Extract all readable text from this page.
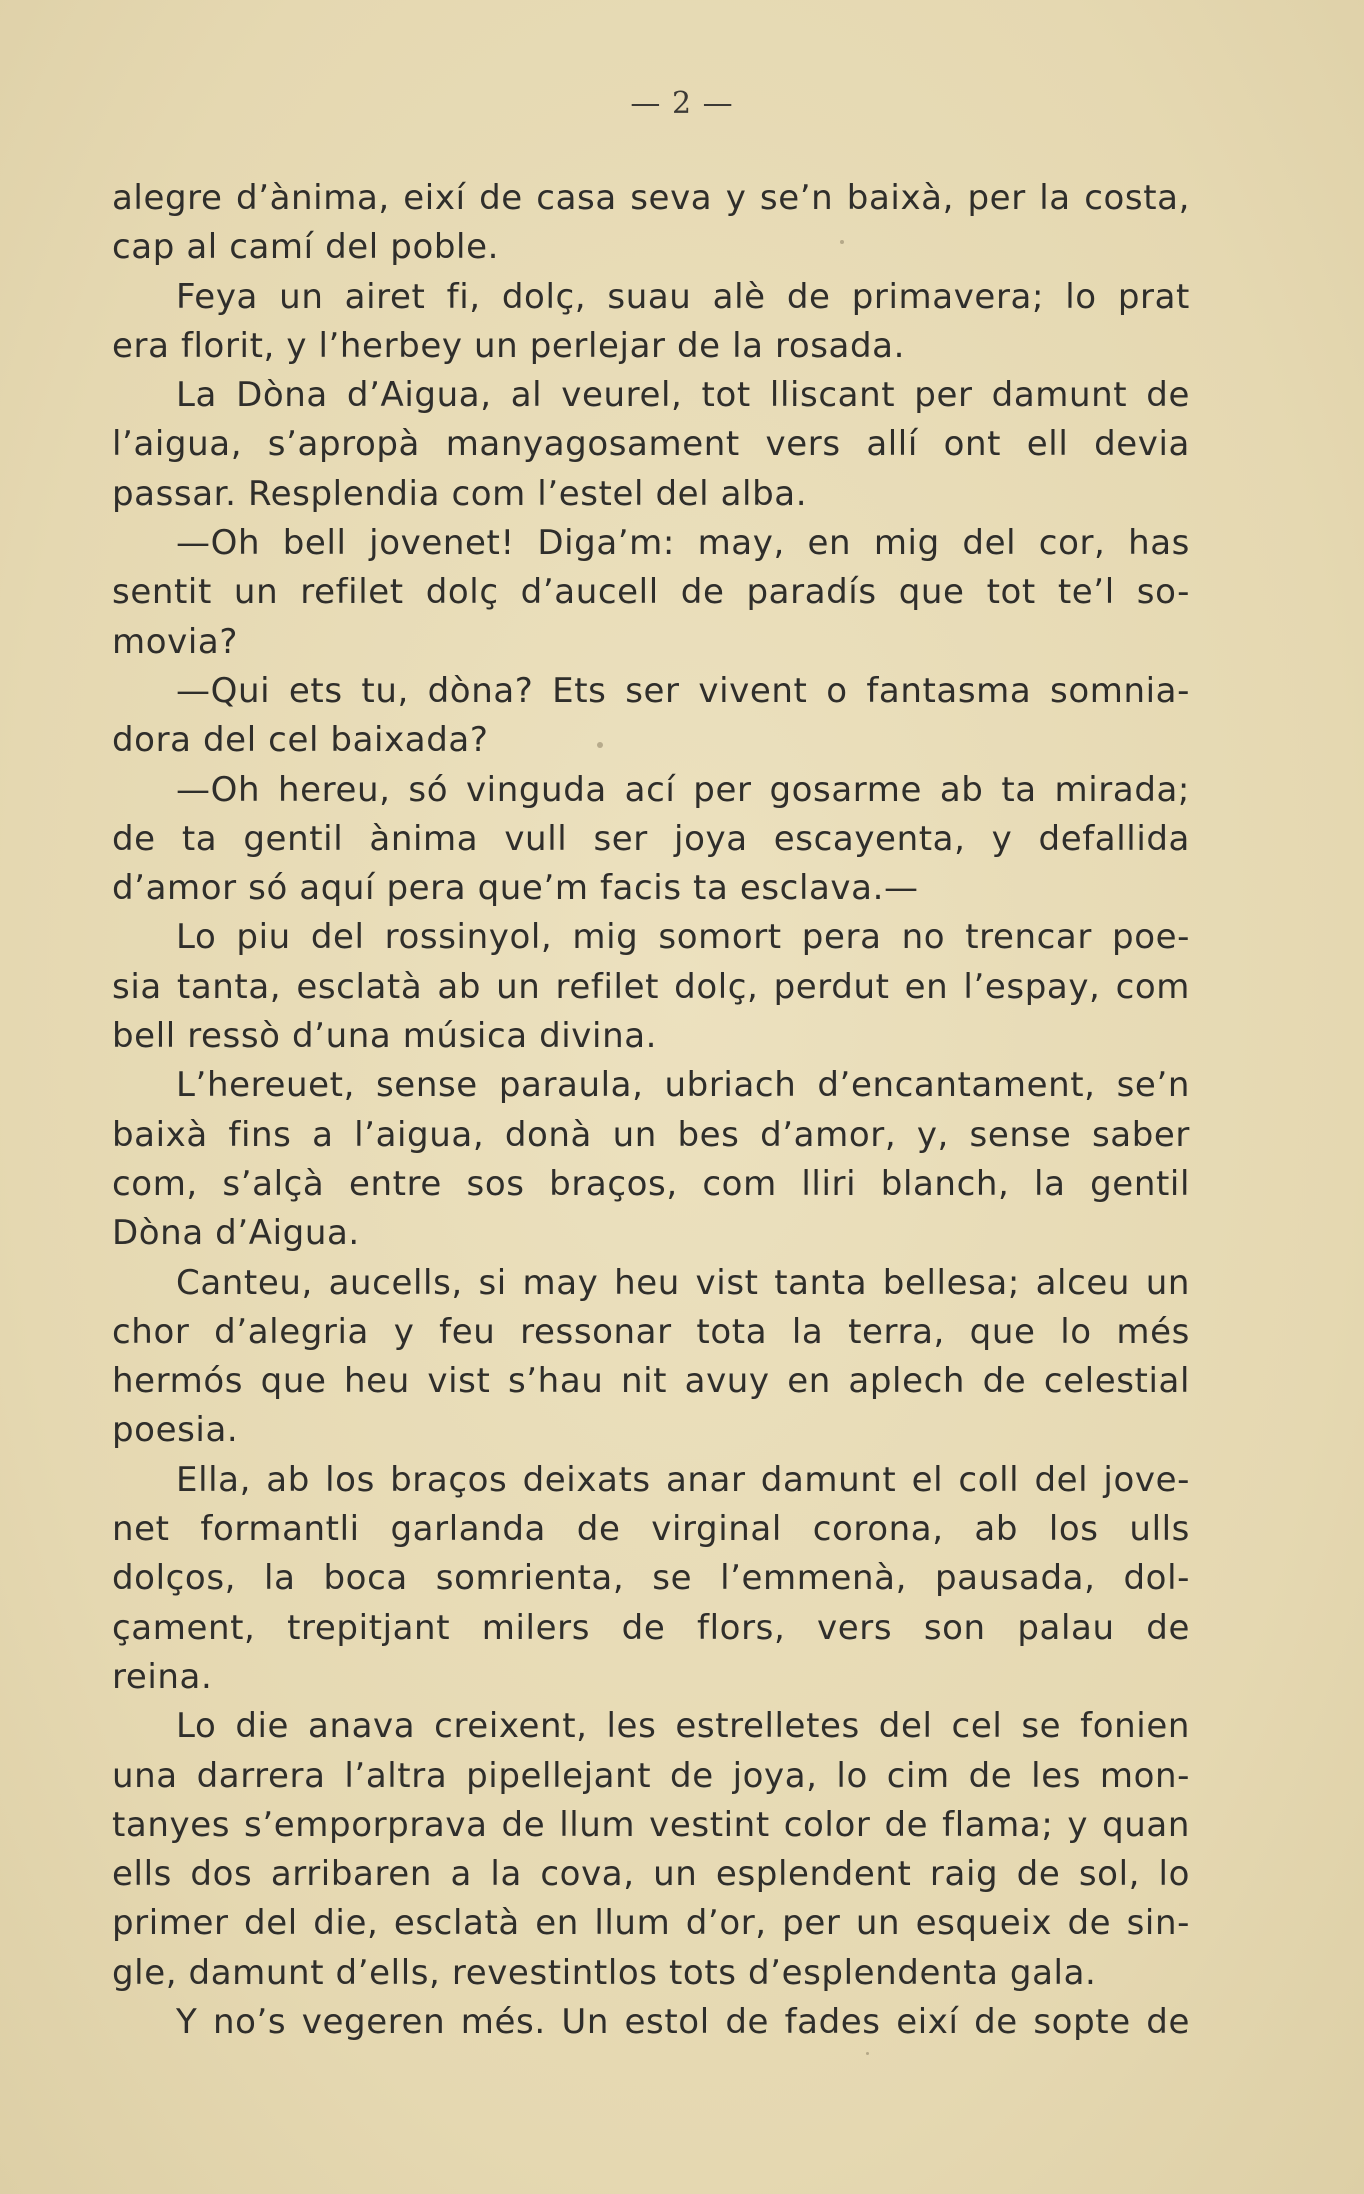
— 2 —
alegre d’ànima, eixí de casa seva y se’n baixà, per la costa,
cap al camí del poble.
Feya un airet fi, dolç, suau alè de primavera; lo prat
era florit, y l’herbey un perlejar de la rosada.
La Dòna d’Aigua, al veurel, tot lliscant per damunt de
l’aigua, s’apropà manyagosament vers allí ont ell devia
passar. Resplendia com l’estel del alba.
—Oh bell jovenet! Diga’m: may, en mig del cor, has
sentit un refilet dolç d’aucell de paradís que tot te’l so-
movia?
—Qui ets tu, dòna? Ets ser vivent o fantasma somnia-
dora del cel baixada?
—Oh hereu, só vinguda ací per gosarme ab ta mirada;
de ta gentil ànima vull ser joya escayenta, y defallida
d’amor só aquí pera que’m facis ta esclava.—
Lo piu del rossinyol, mig somort pera no trencar poe-
sia tanta, esclatà ab un refilet dolç, perdut en l’espay, com
bell ressò d’una música divina.
L’hereuet, sense paraula, ubriach d’encantament, se’n
baixà fins a l’aigua, donà un bes d’amor, y, sense saber
com, s’alçà entre sos braços, com lliri blanch, la gentil
Dòna d’Aigua.
Canteu, aucells, si may heu vist tanta bellesa; alceu un
chor d’alegria y feu ressonar tota la terra, que lo més
hermós que heu vist s’hau nit avuy en aplech de celestial
poesia.
Ella, ab los braços deixats anar damunt el coll del jove-
net formantli garlanda de virginal corona, ab los ulls
dolços, la boca somrienta, se l’emmenà, pausada, dol-
çament, trepitjant milers de flors, vers son palau de
reina.
Lo die anava creixent, les estrelletes del cel se fonien
una darrera l’altra pipellejant de joya, lo cim de les mon-
tanyes s’emporprava de llum vestint color de flama; y quan
ells dos arribaren a la cova, un esplendent raig de sol, lo
primer del die, esclatà en llum d’or, per un esqueix de sin-
gle, damunt d’ells, revestintlos tots d’esplendenta gala.
Y no’s vegeren més. Un estol de fades eixí de sopte de
